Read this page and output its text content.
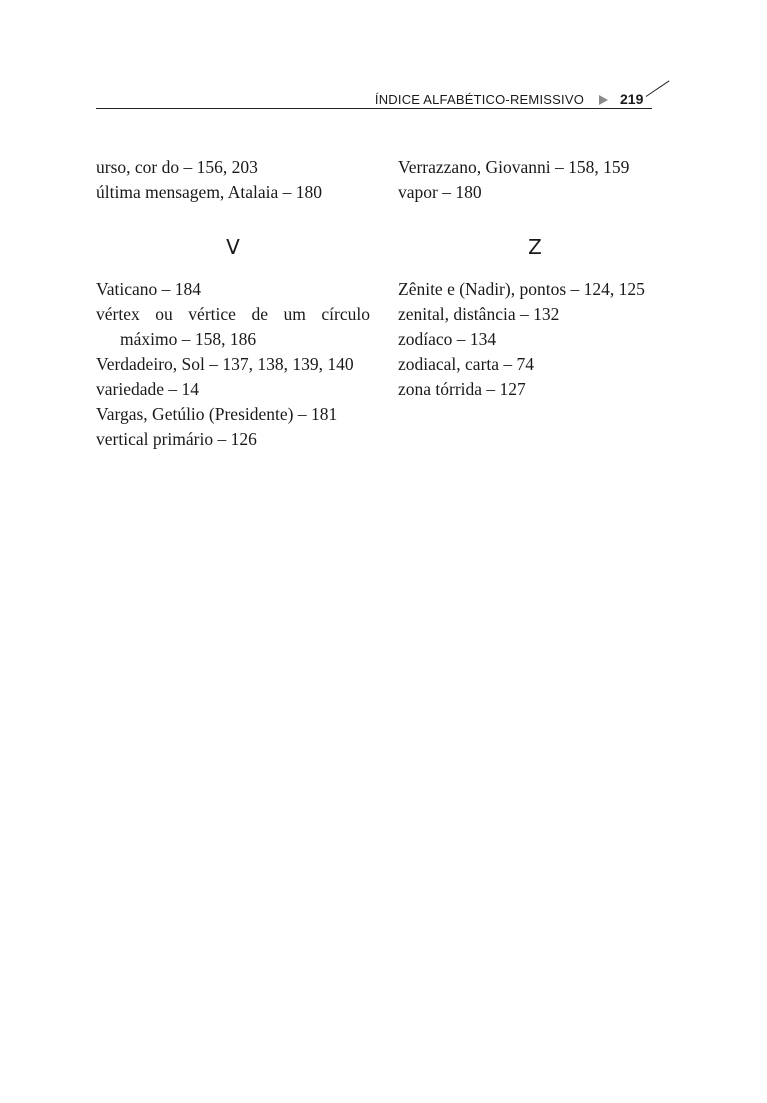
ÍNDICE ALFABÉTICO-REMISSIVO	219
urso, cor do – 156, 203
última mensagem, Atalaia – 180
V
Vaticano – 184
vértex ou vértice de um círculo máximo – 158, 186
Verdadeiro, Sol – 137, 138, 139, 140
variedade – 14
Vargas, Getúlio (Presidente) – 181
vertical primário – 126
Verrazzano, Giovanni – 158, 159
vapor – 180
Z
Zênite e (Nadir), pontos – 124, 125
zenital, distância – 132
zodíaco – 134
zodiacal, carta – 74
zona tórrida – 127
